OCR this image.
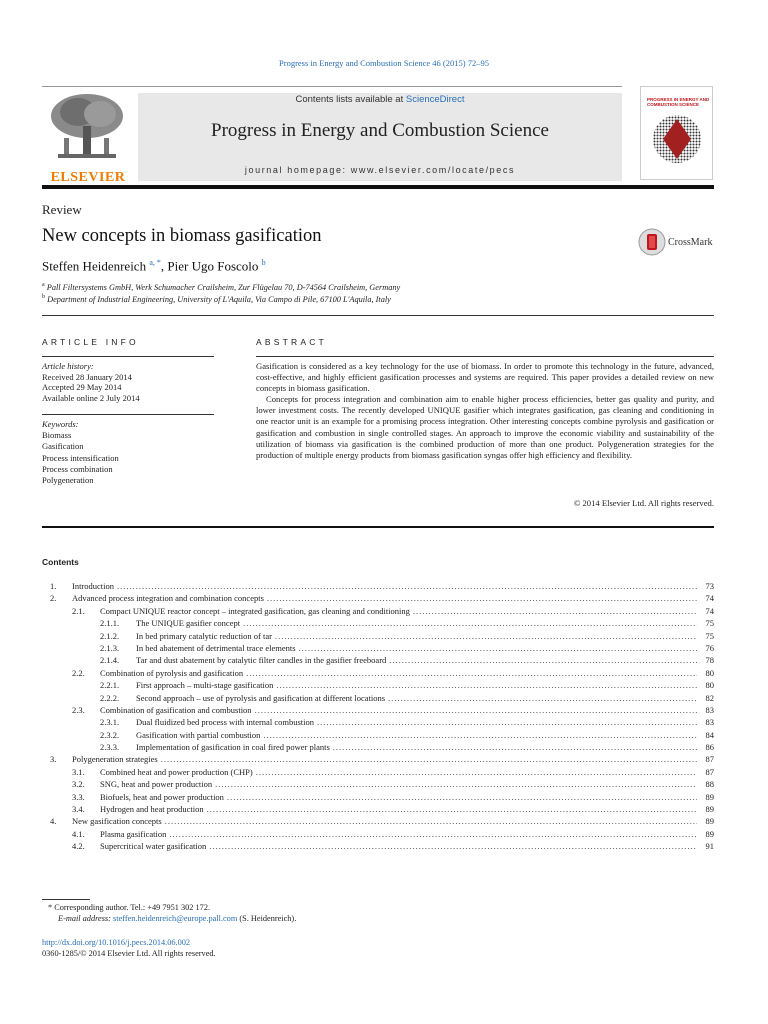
Progress in Energy and Combustion Science 46 (2015) 72–95
ELSEVIER
Contents lists available at ScienceDirect
Progress in Energy and Combustion Science
journal homepage: www.elsevier.com/locate/pecs
PROGRESS IN ENERGY AND COMBUSTION SCIENCE
Review
New concepts in biomass gasification	CrossMark
Steffen Heidenreich $^{a, *}$, Pier Ugo Foscolo $^b$
$^a$ Pall Filtersystems GmbH, Werk Schumacher Crailsheim, Zur Flügelau 70, D-74564 Crailsheim, Germany
$^b$ Department of Industrial Engineering, University of L'Aquila, Via Campo di Pile, 67100 L'Aquila, Italy
ARTICLE INFO	ABSTRACT
Article history:
Received 28 January 2014
Accepted 29 May 2014
Available online 2 July 2014
Keywords:
Biomass
Gasification
Process intensification
Process combination
Polygeneration

Gasification is considered as a key technology for the use of biomass. In order to promote this technology in the future, advanced, cost-effective, and highly efficient gasification processes and systems are required. This paper provides a detailed review on new concepts in biomass gasification.

Concepts for process integration and combination aim to enable higher process efficiencies, better gas quality and purity, and lower investment costs. The recently developed UNIQUE gasifier which integrates gasification, gas cleaning and conditioning in one reactor unit is an example for a promising process integration. Other interesting concepts combine pyrolysis and gasification or gasification and combustion in single controlled stages. An approach to improve the economic viability and sustainability of the utilization of biomass via gasification is the combined production of more than one product. Polygeneration strategies for the production of multiple energy products from biomass gasification syngas offer high efficiency and flexibility.

© 2014 Elsevier Ltd. All rights reserved.
Contents
1.	Introduction .....	73
2.	Advanced process integration and combination concepts .....	74
2.1.	Compact UNIQUE reactor concept – integrated gasification, gas cleaning and conditioning .....	74
2.1.1.	The UNIQUE gasifier concept .....	75
2.1.2.	In bed primary catalytic reduction of tar .....	75
2.1.3.	In bed abatement of detrimental trace elements .....	76
2.1.4.	Tar and dust abatement by catalytic filter candles in the gasifier freeboard .....	78
2.2.	Combination of pyrolysis and gasification .....	80
2.2.1.	First approach – multi-stage gasification .....	80
2.2.2.	Second approach – use of pyrolysis and gasification at different locations .....	82
2.3.	Combination of gasification and combustion .....	83
2.3.1.	Dual fluidized bed process with internal combustion .....	83
2.3.2.	Gasification with partial combustion .....	84
2.3.3.	Implementation of gasification in coal fired power plants .....	86
3.	Polygeneration strategies .....	87
3.1.	Combined heat and power production (CHP) .....	87
3.2.	SNG, heat and power production .....	88
3.3.	Biofuels, heat and power production .....	89
3.4.	Hydrogen and heat production .....	89
4.	New gasification concepts .....	89
4.1.	Plasma gasification .....	89
4.2.	Supercritical water gasification .....	91
* Corresponding author. Tel.: +49 7951 302 172.
E-mail address: steffen.heidenreich@europe.pall.com (S. Heidenreich).
http://dx.doi.org/10.1016/j.pecs.2014.06.002
0360-1285/© 2014 Elsevier Ltd. All rights reserved.
